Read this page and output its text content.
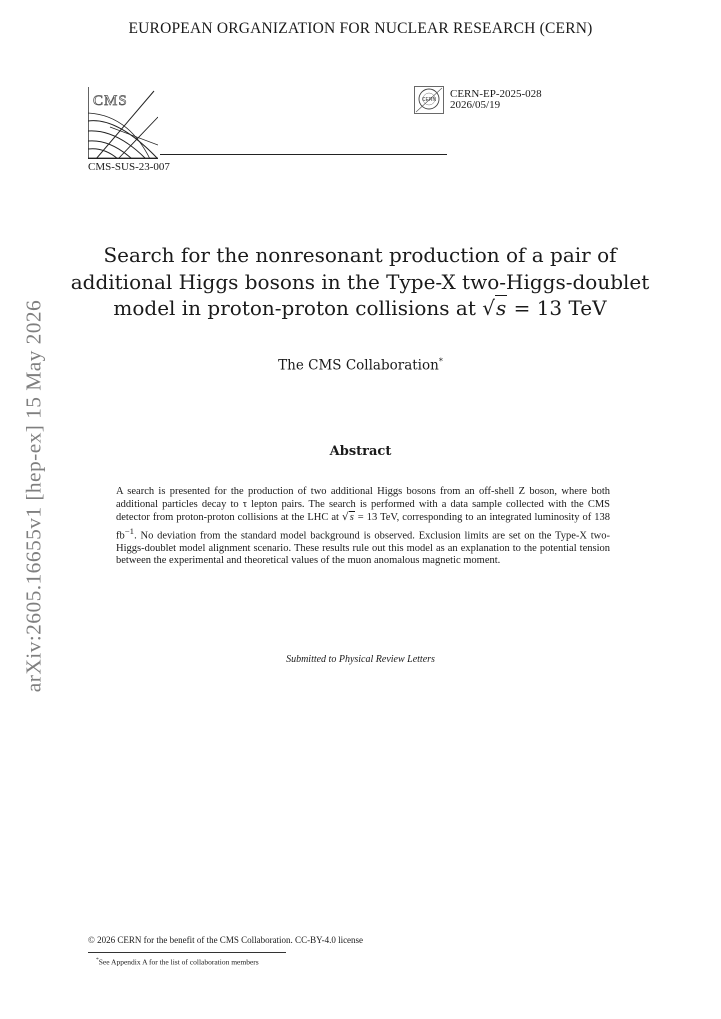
EUROPEAN ORGANIZATION FOR NUCLEAR RESEARCH (CERN)
CMS
CMS-SUS-23-007
CERN CERN-EP-2025-028
2026/05/19
arXiv:2605.16655v1 [hep-ex] 15 May 2026
Search for the nonresonant production of a pair of
additional Higgs bosons in the Type-X two-Higgs-doublet
model in proton-proton collisions at √s = 13 TeV
The CMS Collaboration*
Abstract
A search is presented for the production of two additional Higgs bosons from an off-shell Z boson, where both additional particles decay to τ lepton pairs. The search is performed with a data sample collected with the CMS detector from proton-proton collisions at the LHC at √s = 13 TeV, corresponding to an integrated luminosity of 138 $fb^{-1}$. No deviation from the standard model background is observed. Exclusion limits are set on the Type-X two-Higgs-doublet model alignment scenario. These results rule out this model as an explanation to the potential tension between the experimental and theoretical values of the muon anomalous magnetic moment.
Submitted to Physical Review Letters
© 2026 CERN for the benefit of the CMS Collaboration. CC-BY-4.0 license
*See Appendix A for the list of collaboration members
